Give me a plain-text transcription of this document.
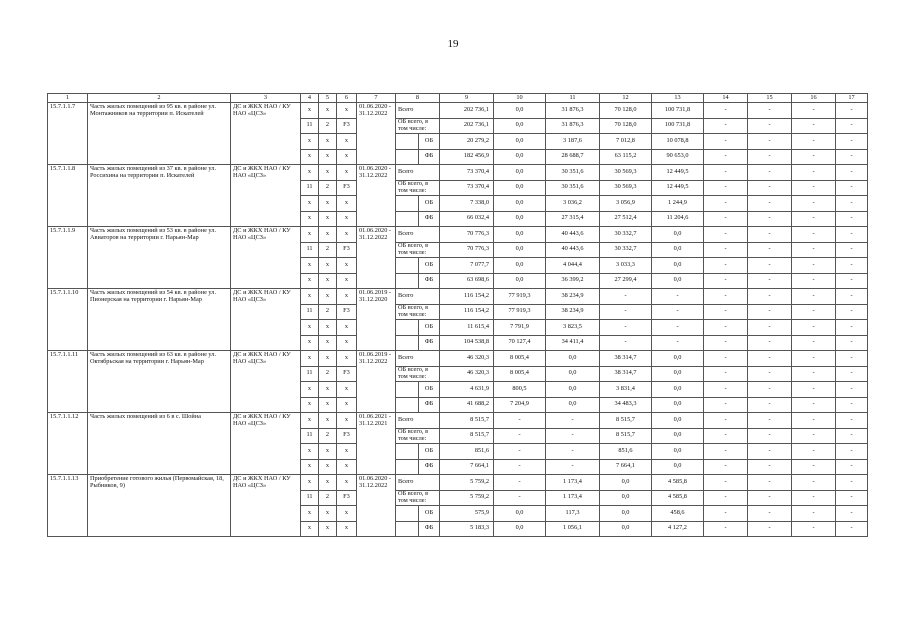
19
1	2	3	4	5	6	7	8		9	10	11	12	13	14	15	16	17
15.7.1.1.7	Часть жилых помещений из 95 кв. в районе ул. Монтажников на территории п. Искателей	ДС и ЖКХ НАО / КУ НАО «ЦСЗ»	x	x	x	01.06.2020 - 31.12.2022	Всего		202 736,1	0,0	31 876,3	70 128,0	100 731,8	-	-	-	-
			11	2	F3		ОБ всего, в том числе:		202 736,1	0,0	31 876,3	70 128,0	100 731,8	-	-	-	-
			x	x	x			ОБ	20 279,2	0,0	3 187,6	7 012,8	10 078,8	-	-	-	-
			x	x	x			ФБ	182 456,9	0,0	28 688,7	63 115,2	90 653,0	-	-	-	-
15.7.1.1.8	Часть жилых помещений из 37 кв. в районе ул. Россихина на территории п. Искателей	ДС и ЖКХ НАО / КУ НАО «ЦСЗ»	x	x	x	01.06.2020 - 31.12.2022	Всего		73 370,4	0,0	30 351,6	30 569,3	12 449,5	-	-	-	-
			11	2	F3		ОБ всего, в том числе:		73 370,4	0,0	30 351,6	30 569,3	12 449,5	-	-	-	-
			x	x	x			ОБ	7 338,0	0,0	3 036,2	3 056,9	1 244,9	-	-	-	-
			x	x	x			ФБ	66 032,4	0,0	27 315,4	27 512,4	11 204,6	-	-	-	-
15.7.1.1.9	Часть жилых помещений из 53 кв. в районе ул. Авиаторов на территории г. Нарьян-Мар	ДС и ЖКХ НАО / КУ НАО «ЦСЗ»	x	x	x	01.06.2020 - 31.12.2022	Всего		70 776,3	0,0	40 443,6	30 332,7	0,0	-	-	-	-
			11	2	F3		ОБ всего, в том числе:		70 776,3	0,0	40 443,6	30 332,7	0,0	-	-	-	-
			x	x	x			ОБ	7 077,7	0,0	4 044,4	3 033,3	0,0	-	-	-	-
			x	x	x			ФБ	63 698,6	0,0	36 399,2	27 299,4	0,0	-	-	-	-
15.7.1.1.10	Часть жилых помещений из 54 кв. в районе ул. Пионерская на территории г. Нарьян-Мар	ДС и ЖКХ НАО / КУ НАО «ЦСЗ»	x	x	x	01.06.2019 - 31.12.2020	Всего		116 154,2	77 919,3	38 234,9	-	-	-	-	-	-
			11	2	F3		ОБ всего, в том числе:		116 154,2	77 919,3	38 234,9	-	-	-	-	-	-
			x	x	x			ОБ	11 615,4	7 791,9	3 823,5	-	-	-	-	-	-
			x	x	x			ФБ	104 538,8	70 127,4	34 411,4	-	-	-	-	-	-
15.7.1.1.11	Часть жилых помещений из 63 кв. в районе ул. Октябрьская на территории г. Нарьян-Мар	ДС и ЖКХ НАО / КУ НАО «ЦСЗ»	x	x	x	01.06.2019 - 31.12.2022	Всего		46 320,3	8 005,4	0,0	38 314,7	0,0	-	-	-	-
			11	2	F3		ОБ всего, в том числе:		46 320,3	8 005,4	0,0	38 314,7	0,0	-	-	-	-
			x	x	x			ОБ	4 631,9	800,5	0,0	3 831,4	0,0	-	-	-	-
			x	x	x			ФБ	41 688,2	7 204,9	0,0	34 483,3	0,0	-	-	-	-
15.7.1.1.12	Часть жилых помещений из 6 в с. Шойна	ДС и ЖКХ НАО / КУ НАО «ЦСЗ»	x	x	x	01.06.2021 - 31.12.2021	Всего		8 515,7	-	-	8 515,7	0,0	-	-	-	-
			11	2	F3		ОБ всего, в том числе:		8 515,7	-	-	8 515,7	0,0	-	-	-	-
			x	x	x			ОБ	851,6	-	-	851,6	0,0	-	-	-	-
			x	x	x			ФБ	7 664,1	-	-	7 664,1	0,0	-	-	-	-
15.7.1.1.13	Приобретение готового жилья (Первомайская, 18, Рыбников, 9)	ДС и ЖКХ НАО / КУ НАО «ЦСЗ»	x	x	x	01.06.2020 - 31.12.2022	Всего		5 759,2	-	1 173,4	0,0	4 585,8	-	-	-	-
			11	2	F3		ОБ всего, в том числе:		5 759,2	-	1 173,4	0,0	4 585,8	-	-	-	-
			x	x	x			ОБ	575,9	0,0	117,3	0,0	458,6	-	-	-	-
			x	x	x			ФБ	5 183,3	0,0	1 056,1	0,0	4 127,2	-	-	-	-
